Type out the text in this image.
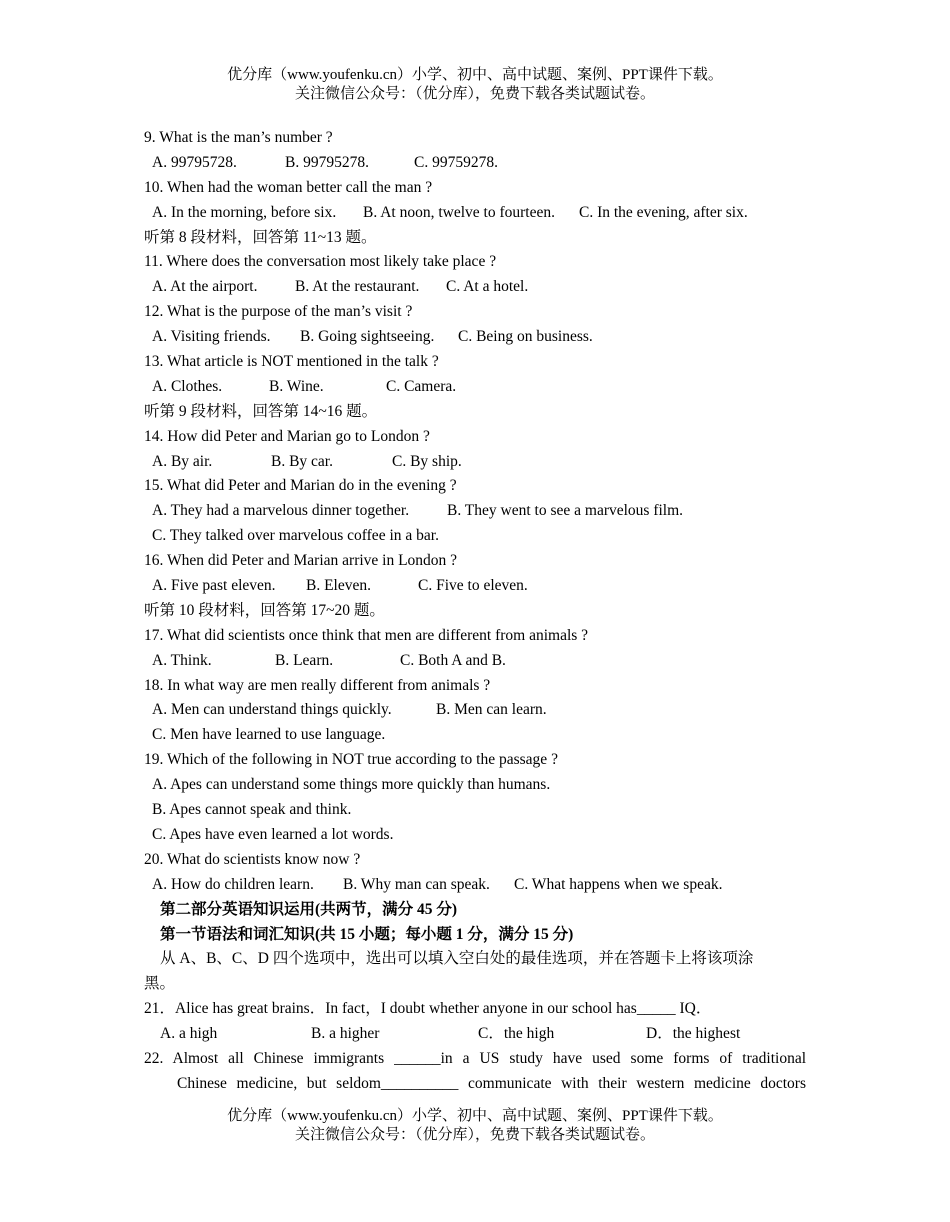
优分库（www.youfenku.cn）小学、初中、高中试题、案例、PPT课件下载。
关注微信公众号：（优分库），免费下载各类试题试卷。
9. What is the man’s number ?
A. 99795728.	B. 99795278.	C. 99759278.
10. When had the woman better call the man ?
A. In the morning, before six. B. At noon, twelve to fourteen. C. In the evening, after six.
听第 8 段材料，回答第 11~13 题。
11. Where does the conversation most likely take place ?
A. At the airport. B. At the restaurant. C. At a hotel.
12. What is the purpose of the man’s visit ?
A. Visiting friends. B. Going sightseeing. C. Being on business.
13. What article is NOT mentioned in the talk ?
A. Clothes.	B. Wine.	C. Camera.
听第 9 段材料，回答第 14~16 题。
14. How did Peter and Marian go to London ?
A. By air.	B. By car.	C. By ship.
15. What did Peter and Marian do in the evening ?
A. They had a marvelous dinner together. B. They went to see a marvelous film.
C. They talked over marvelous coffee in a bar.
16. When did Peter and Marian arrive in London ?
A. Five past eleven. B. Eleven.	C. Five to eleven.
听第 10 段材料，回答第 17~20 题。
17. What did scientists once think that men are different from animals ?
A. Think.	B. Learn.	C. Both A and B.
18. In what way are men really different from animals ?
A. Men can understand things quickly.	B. Men can learn.
C. Men have learned to use language.
19. Which of the following in NOT true according to the passage ?
A. Apes can understand some things more quickly than humans.
B. Apes cannot speak and think.
C. Apes have even learned a lot words.
20. What do scientists know now ?
A. How do children learn. B. Why man can speak. C. What happens when we speak.
第二部分英语知识运用(共两节，满分 45 分)
第一节语法和词汇知识(共 15 小题；每小题 1 分，满分 15 分)
从 A、B、C、D 四个选项中，选出可以填入空白处的最佳选项，并在答题卡上将该项涂
黑。
21．Alice has great brains．In fact，I doubt whether anyone in our school has_____ IQ．
A. a high	B. a higher	C．the high	D．the highest
22. Almost all Chinese immigrants ______in a US study have used some forms of traditional
Chinese medicine, but seldom__________ communicate with their western medicine doctors
优分库（www.youfenku.cn）小学、初中、高中试题、案例、PPT课件下载。
关注微信公众号：（优分库），免费下载各类试题试卷。
